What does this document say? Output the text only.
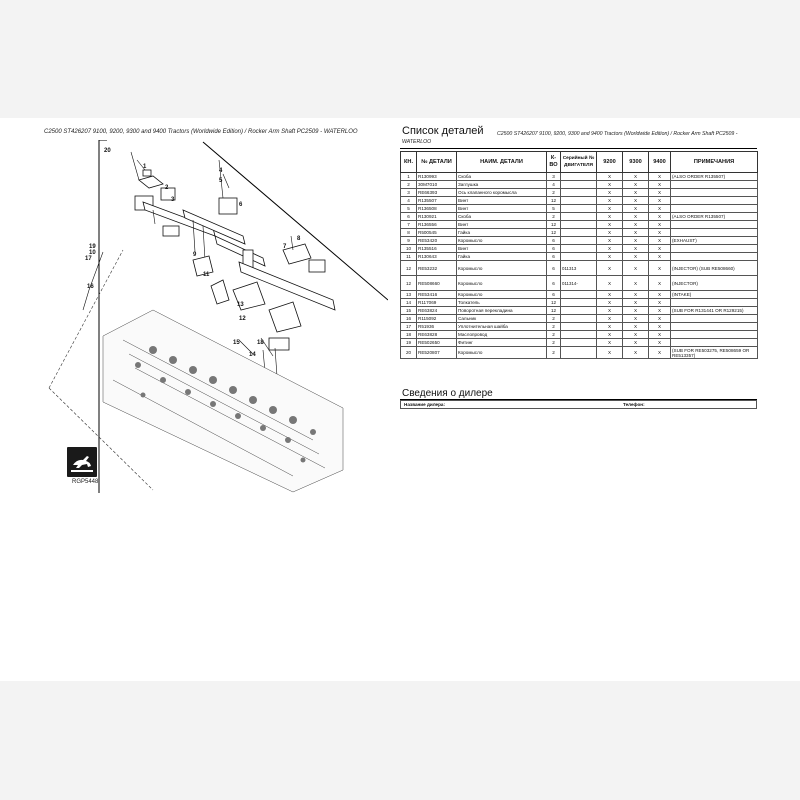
C2500 ST426207 9100, 9200, 9300 and 9400 Tractors (Worldwide Edition) / Rocker Arm Shaft PC2509 - WATERLOO
20
1
2
3
4
5
6
7
8
9
10
11
12
13
14
15
16
17
18
19
RGP5448
Список деталей	C2500 ST426207 9100, 9200, 9300 and 9400 Tractors (Worldwide Edition) / Rocker Arm Shaft PC2509 - WATERLOO
КН.	№ ДЕТАЛИ	НАИМ. ДЕТАЛИ	К-ВО	Серийный № ДВИГАТЕЛЯ	9200	9300	9400	ПРИМЕЧАНИЯ
1	R130993	Скоба	3		X	X	X	(ALSO ORDER R135507)
2	30M7010	Заглушка	4		X	X	X	
3	RE66393	Ось клапанного коромысла	2		X	X	X	
4	R135507	Винт	12		X	X	X	
5	R136508	Винт	5		X	X	X	
6	R130921	Скоба	2		X	X	X	(ALSO ORDER R135507)
7	R136556	Винт	12		X	X	X	
8	R500545	Гайка	12		X	X	X	
9	RE53420	Коромысло	6		X	X	X	(EXHAUST)
10	R135516	Винт	6		X	X	X	
11	R130643	Гайка	6		X	X	X	
12	RE53232	Коромысло	6	011313	X	X	X	(INJECTOR) (SUB RE508660)
12	RE508660	Коромысло	6	011314-	X	X	X	(INJECTOR)
13	RE53416	Коромысло	6		X	X	X	(INTAKE)
14	R117069	Толкатель	12		X	X	X	
15	RE63824	Поворотная перекладина	12		X	X	X	(SUB FOR R131441 OR R129215)
16	R115092	Сальник	2		X	X	X	
17	R51936	Уплотнительная шайба	2		X	X	X	
18	RE63828	Маслопровод	2		X	X	X	
19	RE502650	Фитинг	2		X	X	X	
20	RE520807	Коромысло	2		X	X	X	(SUB FOR RE503275, RE508659 OR RE513357)
Сведения о дилере
Название дилера:	Телефон:
